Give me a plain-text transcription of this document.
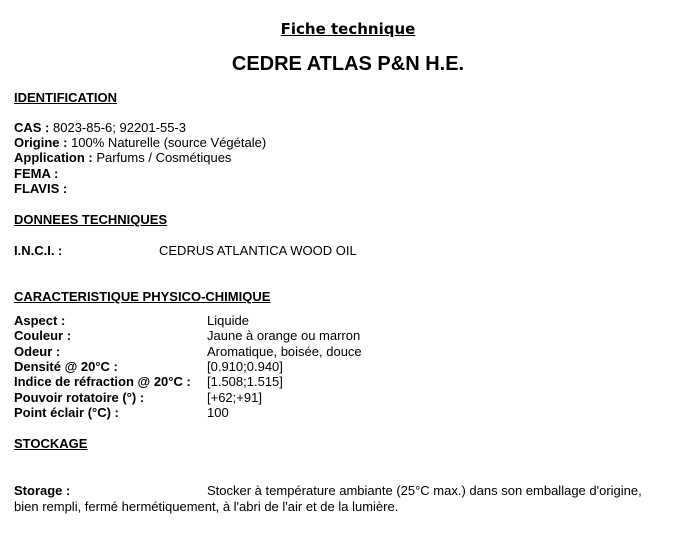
Fiche technique
CEDRE ATLAS P&N H.E.
IDENTIFICATION
CAS : 8023-85-6; 92201-55-3
Origine : 100% Naturelle (source Végétale)
Application : Parfums / Cosmétiques
FEMA :
FLAVIS :
DONNEES TECHNIQUES
I.N.C.I. :	CEDRUS ATLANTICA WOOD OIL
CARACTERISTIQUE PHYSICO-CHIMIQUE
Aspect :	Liquide
Couleur :	Jaune à orange ou marron
Odeur :	Aromatique, boisée, douce
Densité @ 20°C :	[0.910;0.940]
Indice de réfraction @ 20°C : [1.508;1.515]
Pouvoir rotatoire (°) :	[+62;+91]
Point éclair (°C) :	100
STOCKAGE
Storage :	Stocker à température ambiante (25°C max.) dans son emballage d'origine,
bien rempli, fermé hermétiquement, à l'abri de l'air et de la lumière.
